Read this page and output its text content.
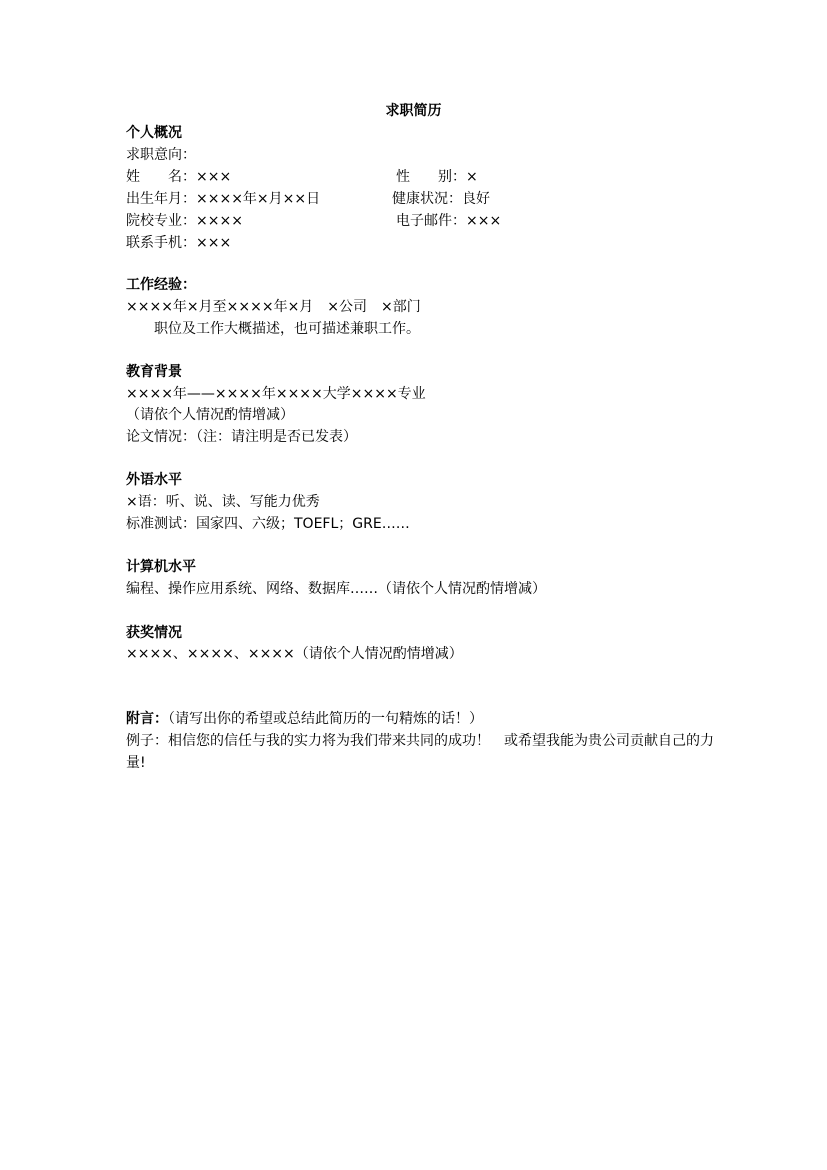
求职简历
个人概况
求职意向：
姓　　名：×××	性　　别：×
出生年月：××××年×月××日	健康状况：良好
院校专业：××××	电子邮件：×××
联系手机：×××
工作经验：
××××年×月至××××年×月　×公司　×部门
职位及工作大概描述，也可描述兼职工作。
教育背景
××××年——××××年××××大学××××专业
（请依个人情况酌情增减）
论文情况：（注：请注明是否已发表）
外语水平
×语：听、说、读、写能力优秀
标准测试：国家四、六级；TOEFL；GRE……
计算机水平
编程、操作应用系统、网络、数据库……（请依个人情况酌情增减）
获奖情况
××××、××××、××××（请依个人情况酌情增减）
附言：（请写出你的希望或总结此简历的一句精炼的话！）
例子：相信您的信任与我的实力将为我们带来共同的成功！　或希望我能为贵公司贡献自己的力量!
